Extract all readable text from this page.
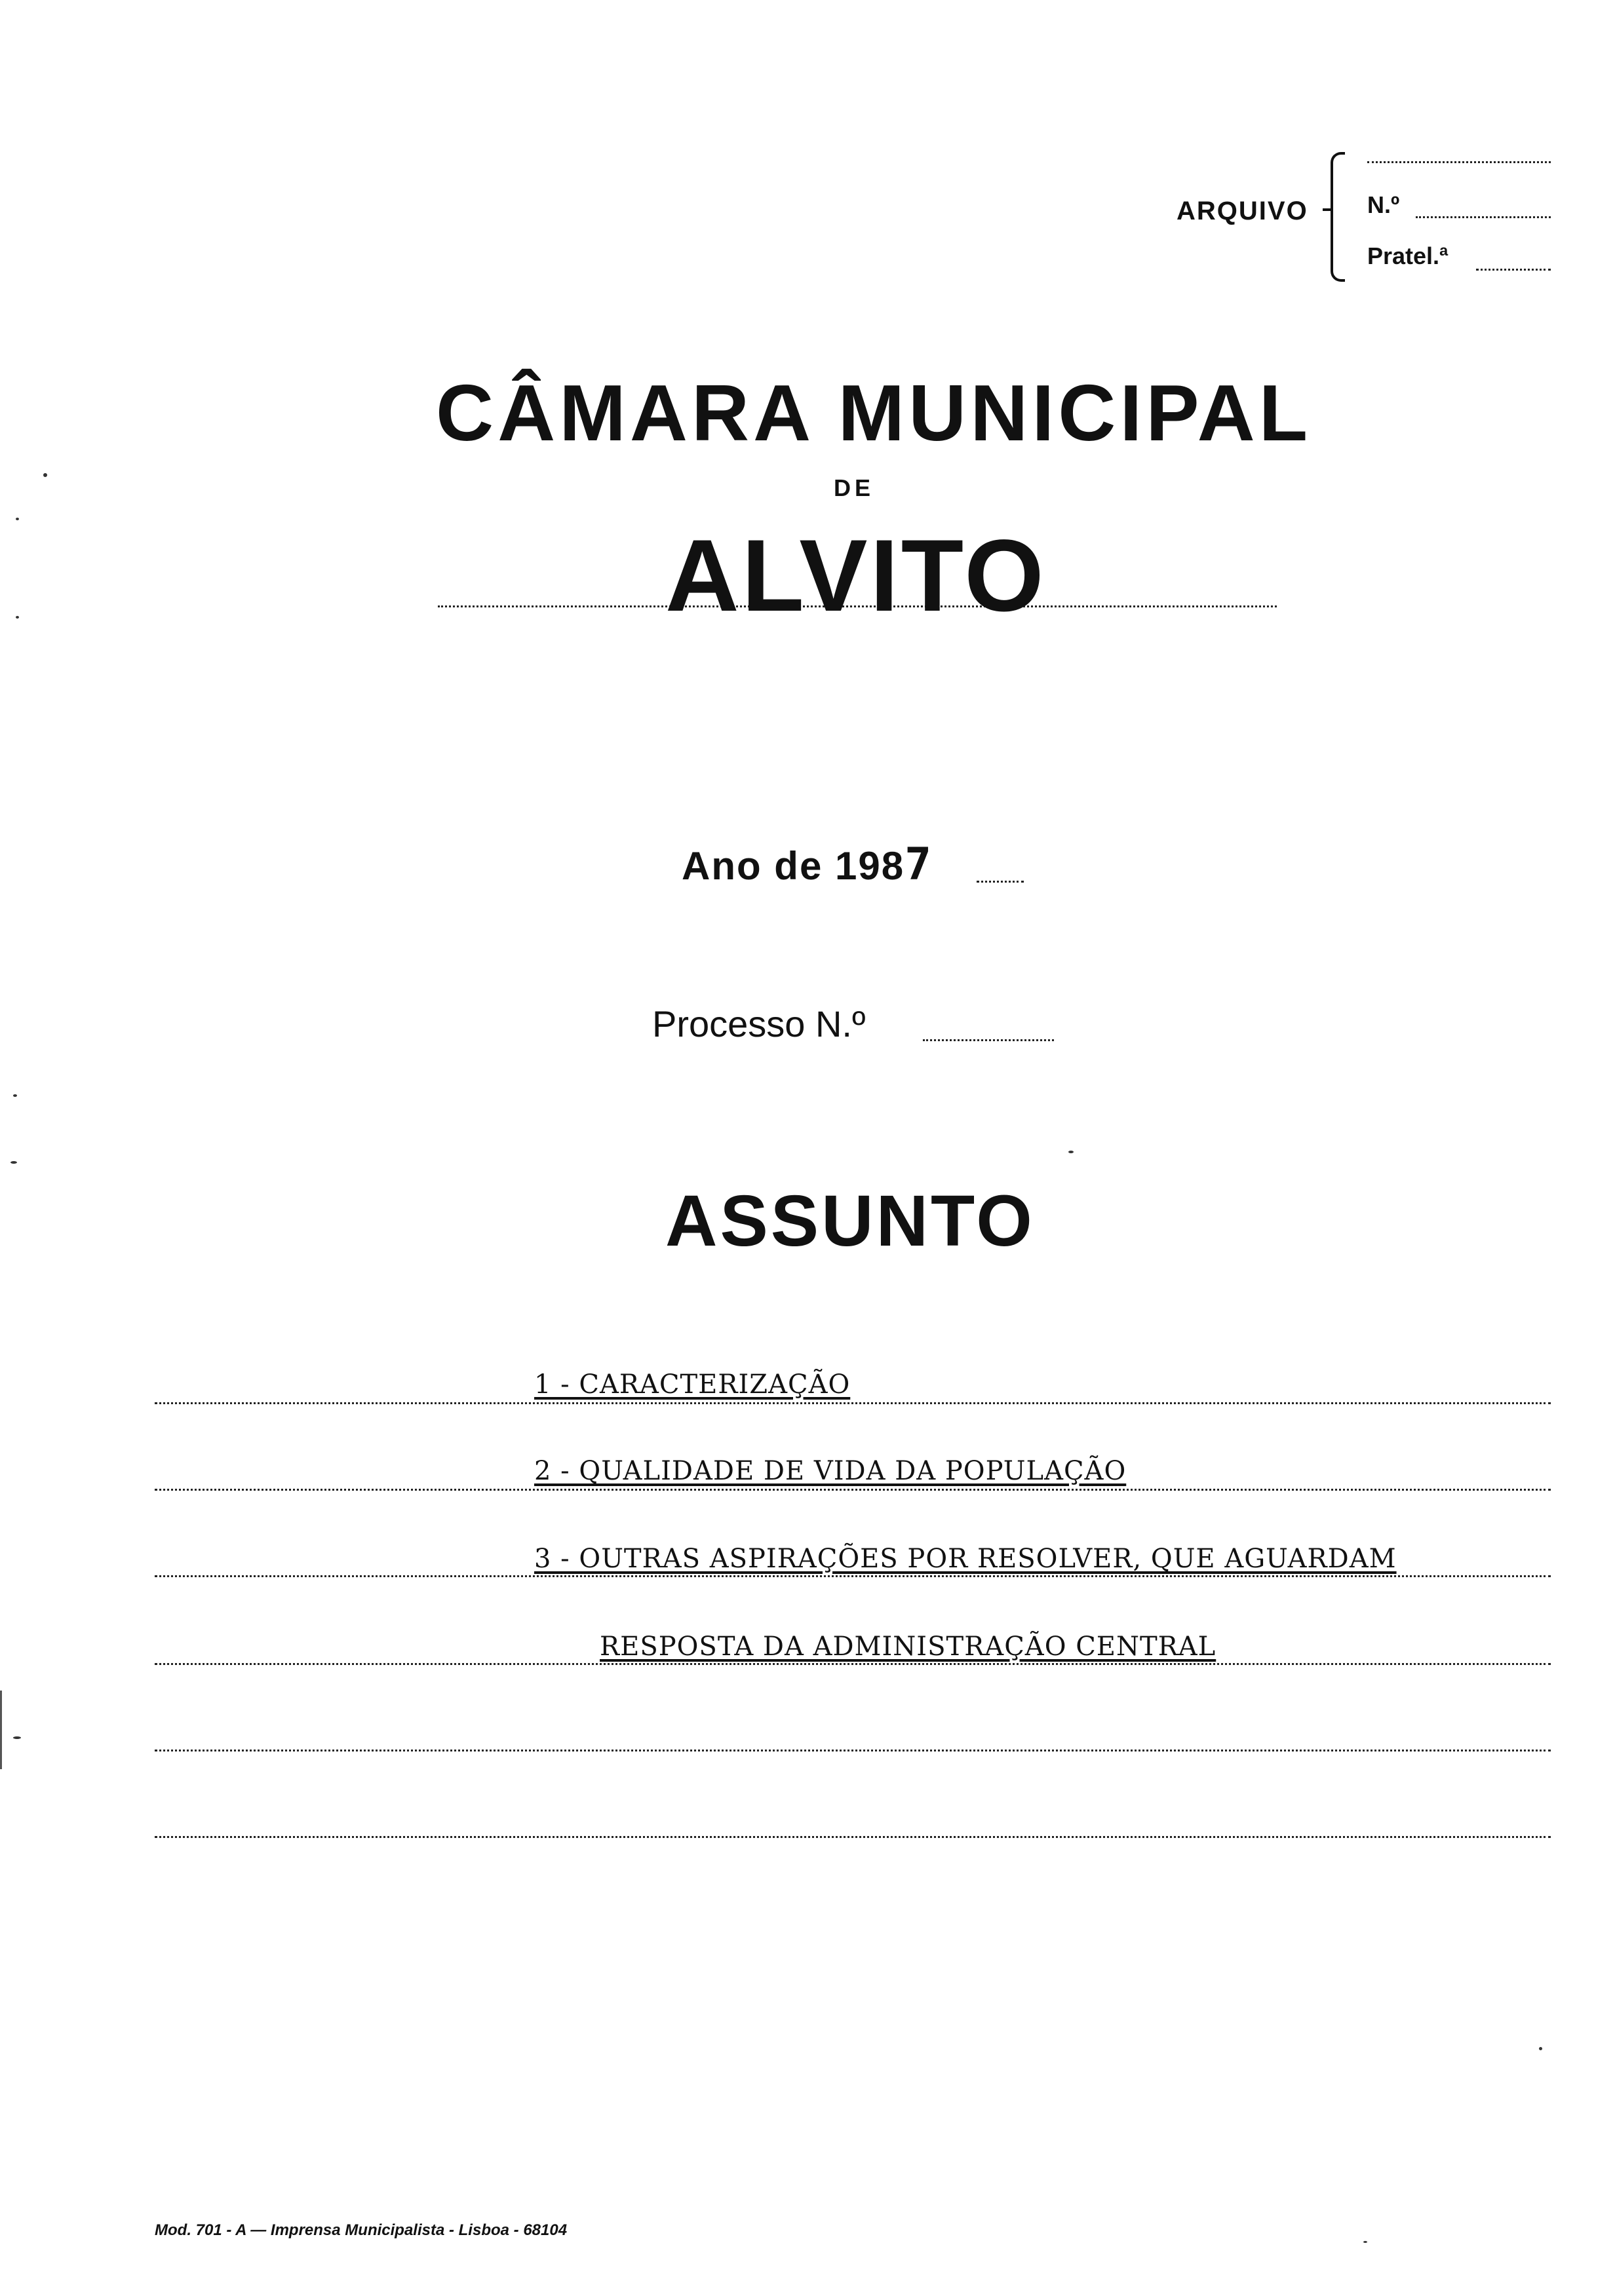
ARQUIVO	N.º
Pratel.ª
CÂMARA MUNICIPAL
DE
ALVITO
Ano de 1987
Processo N.º
ASSUNTO
1 - CARACTERIZAÇÃO
2 - QUALIDADE DE VIDA DA POPULAÇÃO
3 - OUTRAS ASPIRAÇÕES POR RESOLVER, QUE AGUARDAM
RESPOSTA DA ADMINISTRAÇÃO CENTRAL
Mod. 701 - A — Imprensa Municipalista - Lisboa - 68104
